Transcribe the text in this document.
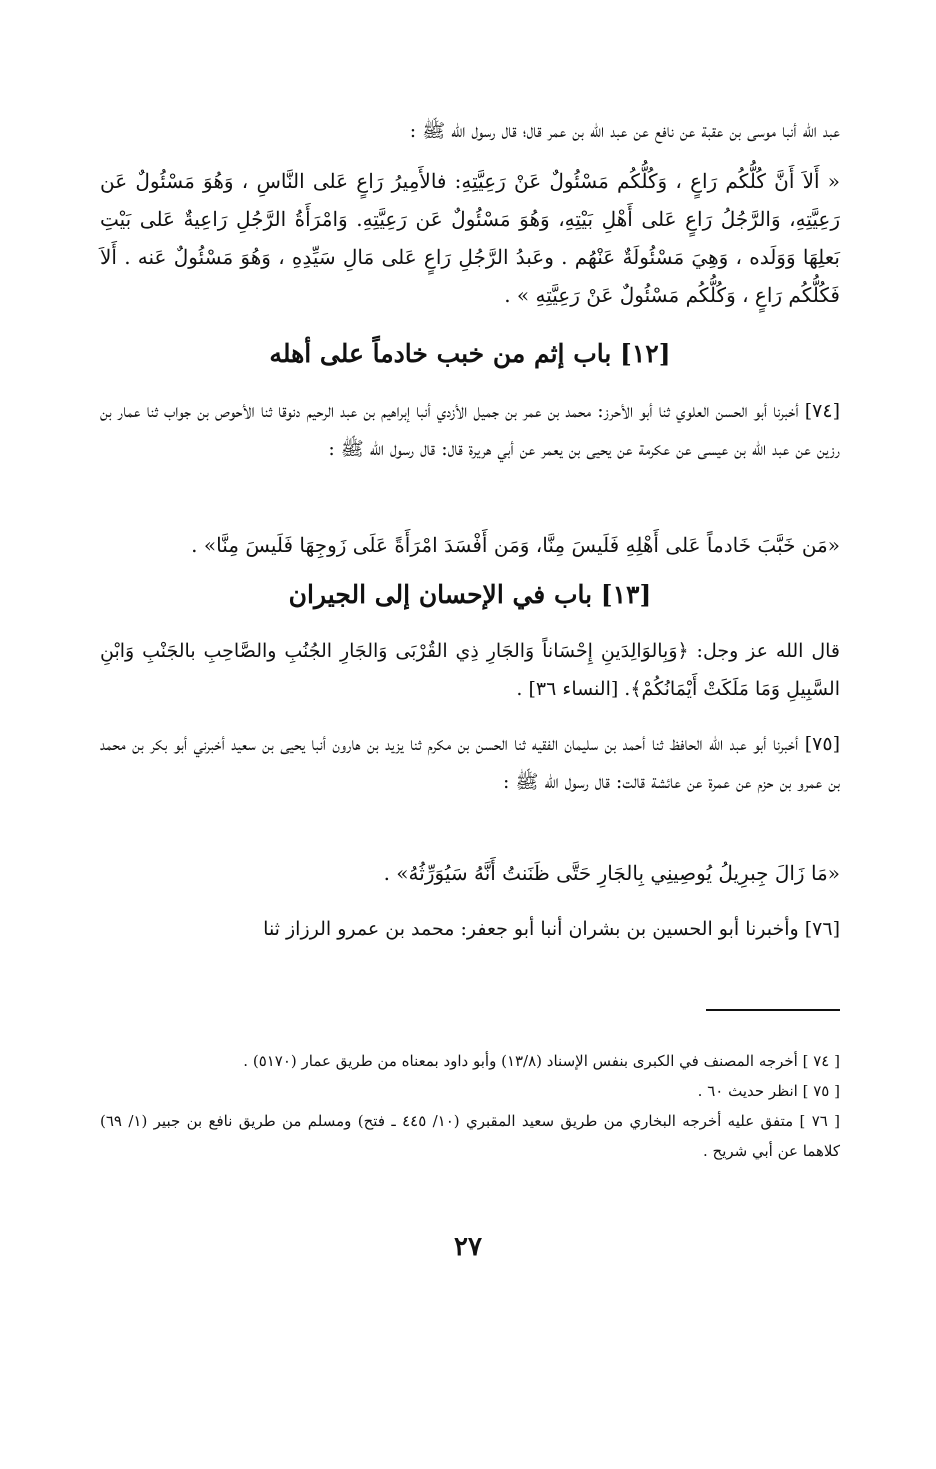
عبد الله أنبا موسى بن عقبة عن نافع عن عبد الله بن عمر قال؛ قال رسول الله ﷺ :

« أَلاَ أَنَّ كُلُّكُم رَاعٍ ، وَكُلُّكُم مَسْئُولٌ عَنْ رَعِيَّتِهِ: فالأَمِيرُ رَاعٍ عَلى النَّاسِ ، وَهُوَ مَسْئُولٌ عَن رَعِيَّتِهِ، وَالرَّجُلُ رَاعٍ عَلى أَهْلِ بَيْتِهِ، وَهُوَ مَسْئُولٌ عَن رَعِيَّتِهِ. وَامْرَأَةُ الرَّجُلِ رَاعِيةٌ عَلى بَيْتِ بَعلِهَا وَوَلَده ، وَهِيَ مَسْئُولَةٌ عَنْهُم . وعَبدُ الرَّجُلِ رَاعٍ عَلى مَالِ سَيِّدِهِ ، وَهُوَ مَسْئُولٌ عَنه . أَلاَ فَكُلُّكُم رَاعٍ ، وَكُلُّكُم مَسْئُولٌ عَنْ رَعِيَّتِهِ » .

[١٢] باب إثم من خبب خادماً على أهله

[٧٤] أخبرنا أبو الحسن العلوي ثنا أبو الأحرز: محمد بن عمر بن جميل الأزدي أنبا إبراهيم بن عبد الرحيم دنوقا ثنا الأحوص بن جواب ثنا عمار بن رزين عن عبد الله بن عيسى عن عكرمة عن يحيى بن يعمر عن أبي هريرة قال: قال رسول الله ﷺ :

«مَن خَبَّبَ خَادماً عَلى أَهْلِهِ فَلَيسَ مِنَّا، وَمَن أَفْسَدَ امْرَأَةً عَلَى زَوجِهَا فَلَيسَ مِنَّا» .

[١٣] باب في الإحسان إلى الجيران

قال الله عز وجل: ﴿وَبِالوَالِدَينِ إِحْسَاناً وَالجَارِ ذِي القُرْبَى وَالجَارِ الجُنُبِ والصَّاحِبِ بالجَنْبِ وَابْنِ السَّبِيلِ وَمَا مَلَكَتْ أَيْمَانُكُمْ﴾. [النساء ٣٦] .

[٧٥] أخبرنا أبو عبد الله الحافظ ثنا أحمد بن سليمان الفقيه ثنا الحسن بن مكرم ثنا يزيد بن هارون أنبا يحيى بن سعيد أخبرني أبو بكر بن محمد بن عمرو بن حزم عن عمرة عن عائشة قالت: قال رسول الله ﷺ :

«مَا زَالَ جِبرِيلُ يُوصِينِي بِالجَارِ حَتَّى ظَنَنتُ أَنَّهُ سَيُوَرِّثُهُ» .

[٧٦] وأخبرنا أبو الحسين بن بشران أنبا أبو جعفر: محمد بن عمرو الرزاز ثنا

[ ٧٤ ] أخرجه المصنف في الكبرى بنفس الإسناد (١٣/٨) وأبو داود بمعناه من طريق عمار (٥١٧٠) .

[ ٧٥ ] انظر حديث ٦٠ .

[ ٧٦ ] متفق عليه أخرجه البخاري من طريق سعيد المقبري (١٠/ ٤٤٥ ـ فتح) ومسلم من طريق نافع بن جبير (١/ ٦٩) كلاهما عن أبي شريح .

٢٧
